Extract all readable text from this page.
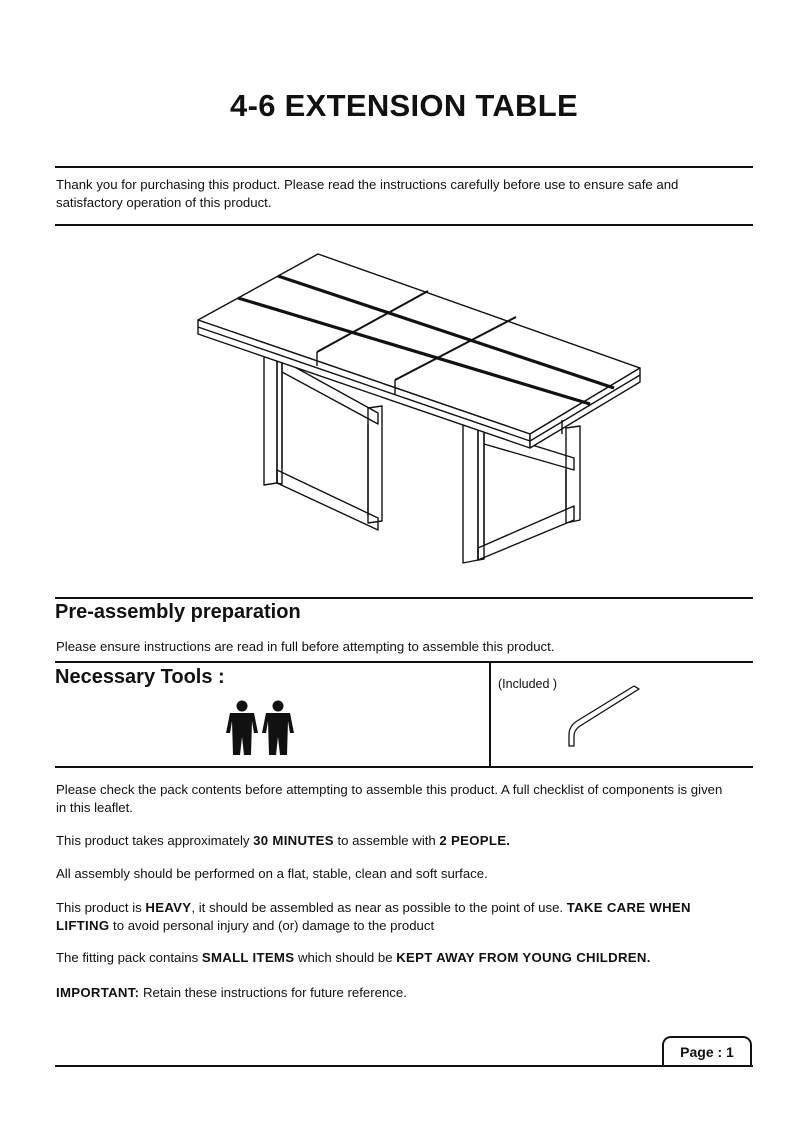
4-6 EXTENSION TABLE
Thank you for purchasing this product. Please read the instructions carefully before use to ensure safe and satisfactory operation of this product.
Pre-assembly preparation
Please ensure instructions are read in full before attempting to assemble this product.
Necessary Tools :	(Included )
Please check the pack contents before attempting to assemble this product. A full checklist of components is given in this leaflet.
This product takes approximately 30 MINUTES to assemble with 2 PEOPLE.
All assembly should be performed on a flat, stable, clean and soft surface.
This product is HEAVY, it should be assembled as near as possible to the point of use. TAKE CARE WHEN LIFTING to avoid personal injury and (or) damage to the product
The fitting pack contains SMALL ITEMS which should be KEPT AWAY FROM YOUNG CHILDREN.
IMPORTANT: Retain these instructions for future reference.
Page : 1
